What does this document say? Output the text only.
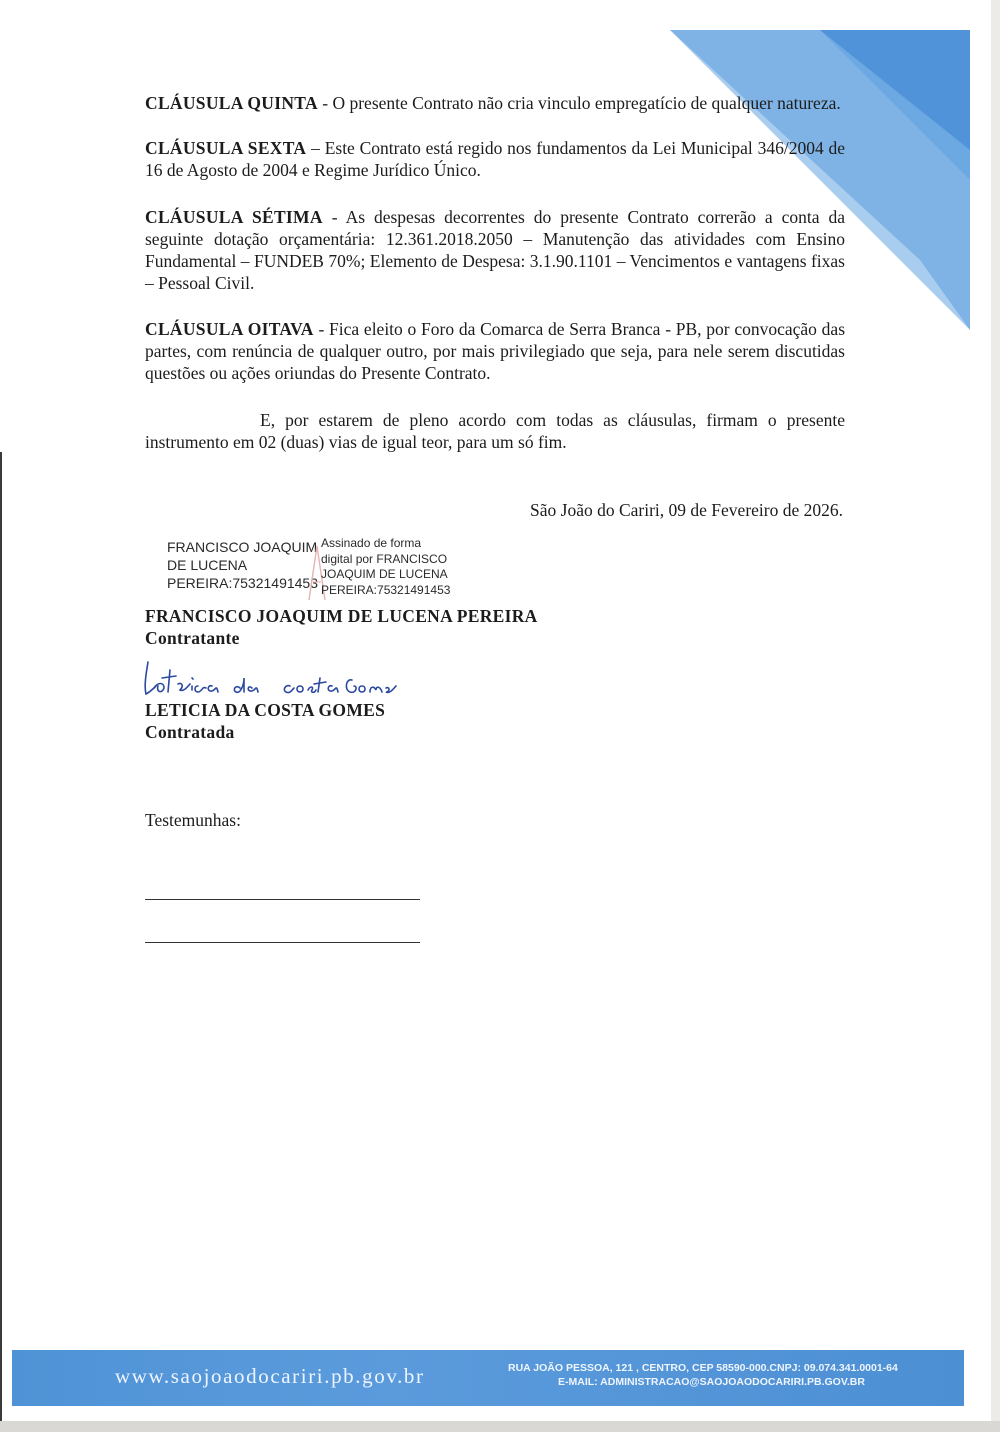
CLÁUSULA QUINTA - O presente Contrato não cria vinculo empregatício de qualquer natureza.

CLÁUSULA SEXTA – Este Contrato está regido nos fundamentos da Lei Municipal 346/2004 de 16 de Agosto de 2004 e Regime Jurídico Único.

CLÁUSULA SÉTIMA - As despesas decorrentes do presente Contrato correrão a conta da seguinte dotação orçamentária: 12.361.2018.2050 – Manutenção das atividades com Ensino Fundamental – FUNDEB 70%; Elemento de Despesa: 3.1.90.1101 – Vencimentos e vantagens fixas – Pessoal Civil.

CLÁUSULA OITAVA - Fica eleito o Foro da Comarca de Serra Branca - PB, por convocação das partes, com renúncia de qualquer outro, por mais privilegiado que seja, para nele serem discutidas questões ou ações oriundas do Presente Contrato.

E, por estarem de pleno acordo com todas as cláusulas, firmam o presente instrumento em 02 (duas) vias de igual teor, para um só fim.

São João do Cariri, 09 de Fevereiro de 2026.
FRANCISCO JOAQUIM
DE LUCENA
PEREIRA:75321491453
Assinado de forma
digital por FRANCISCO
JOAQUIM DE LUCENA
PEREIRA:75321491453
FRANCISCO JOAQUIM DE LUCENA PEREIRA
Contratante
LETICIA DA COSTA GOMES
Contratada
Testemunhas:
www.saojoaodocariri.pb.gov.br	RUA JOÃO PESSOA, 121 , CENTRO, CEP 58590-000.CNPJ: 09.074.341.0001-64
E-MAIL: ADMINISTRACAO@SAOJOAODOCARIRI.PB.GOV.BR
